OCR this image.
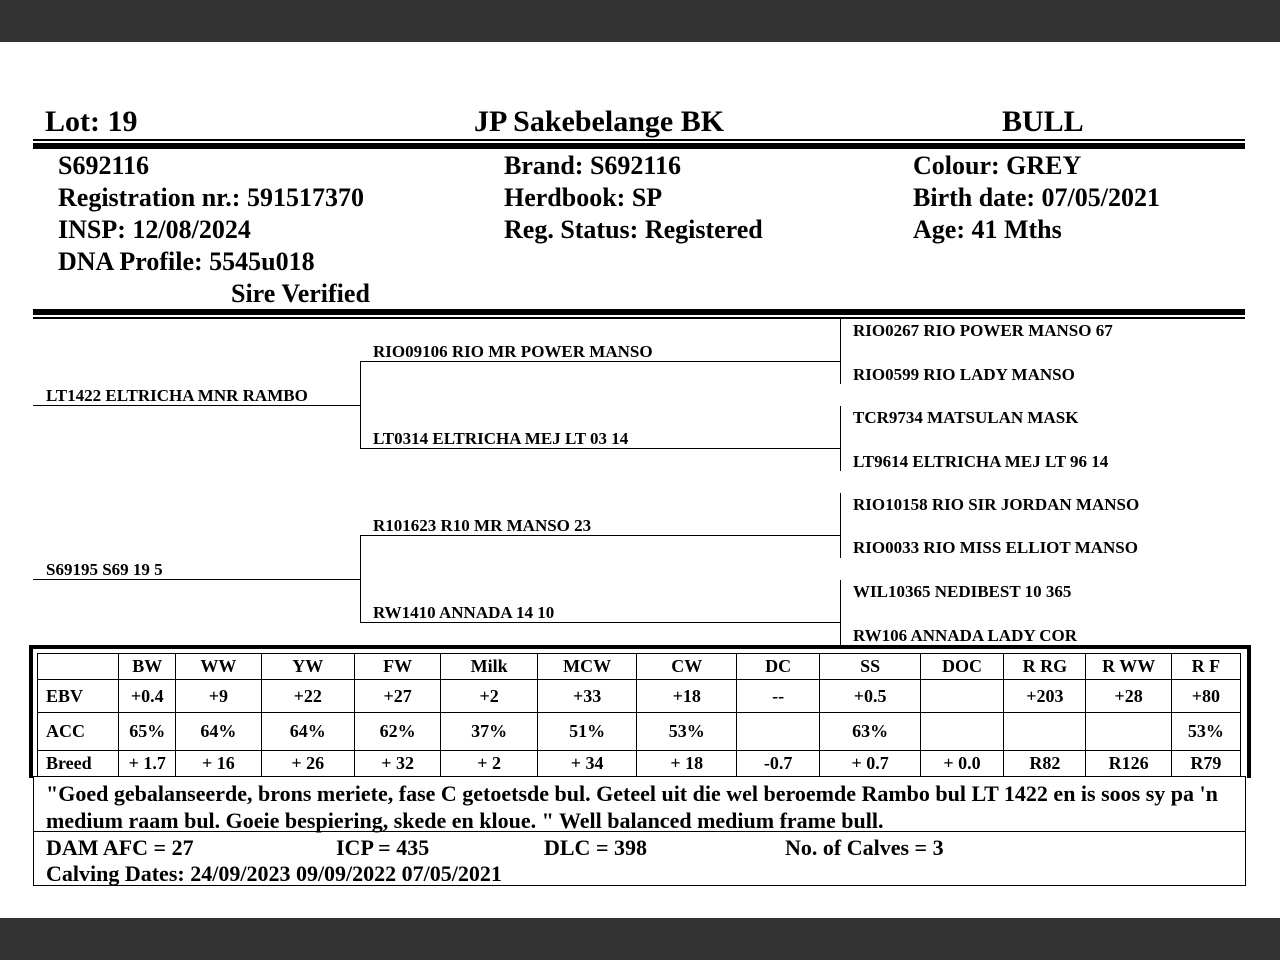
Lot: 19	JP Sakebelange BK	BULL
S692116
Registration nr.: 591517370
INSP: 12/08/2024
DNA Profile: 5545u018
Sire Verified
Brand: S692116
Herdbook: SP
Reg. Status: Registered
Colour: GREY
Birth date: 07/05/2021
Age: 41 Mths
LT1422 ELTRICHA MNR RAMBO
S69195 S69 19 5
RIO09106 RIO MR POWER MANSO
LT0314 ELTRICHA MEJ LT 03 14
R101623 R10 MR MANSO 23
RW1410 ANNADA 14 10
RIO0267 RIO POWER MANSO 67
RIO0599 RIO LADY MANSO
TCR9734 MATSULAN MASK
LT9614 ELTRICHA MEJ LT 96 14
RIO10158 RIO SIR JORDAN MANSO
RIO0033 RIO MISS ELLIOT MANSO
WIL10365 NEDIBEST 10 365
RW106 ANNADA LADY COR
	BW	WW	YW	FW	Milk	MCW	CW	DC	SS	DOC	R RG	R WW	R F
EBV	+0.4	+9	+22	+27	+2	+33	+18	--	+0.5		+203	+28	+80
ACC	65%	64%	64%	62%	37%	51%	53%		63%				53%
Breed	+ 1.7	+ 16	+ 26	+ 32	+ 2	+ 34	+ 18	-0.7	+ 0.7	+ 0.0	R82	R126	R79
"Goed gebalanseerde, brons meriete, fase C getoetsde bul. Geteel uit die wel beroemde Rambo bul LT 1422 en is soos sy pa 'n medium raam bul. Goeie bespiering, skede en kloue. " Well balanced medium frame bull.
DAM AFC = 27	ICP = 435	DLC = 398	No. of Calves = 3
Calving Dates: 24/09/2023 09/09/2022 07/05/2021
